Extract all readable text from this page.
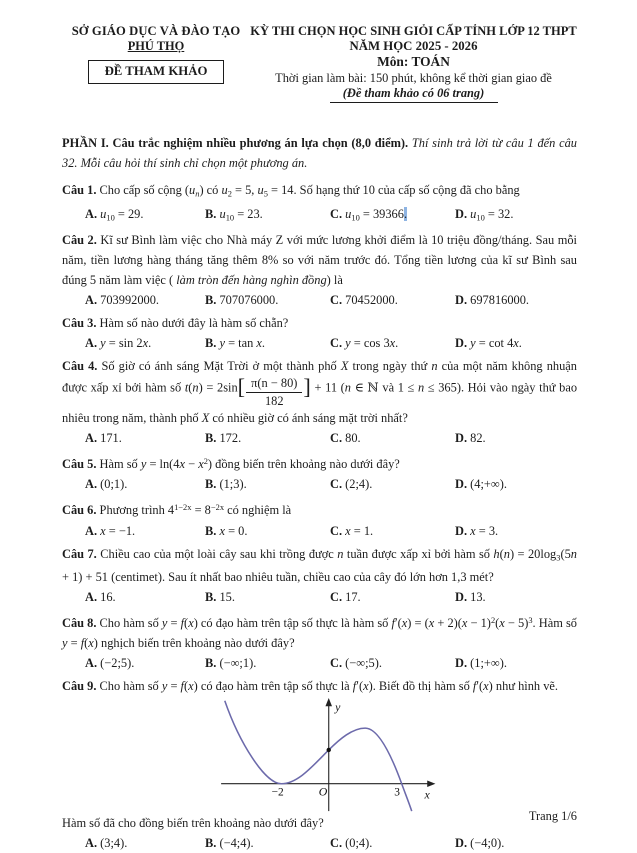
SỞ GIÁO DỤC VÀ ĐÀO TẠO
PHÚ THỌ
ĐỀ THAM KHẢO
KỲ THI CHỌN HỌC SINH GIỎI CẤP TỈNH LỚP 12 THPT
NĂM HỌC 2025 - 2026
Môn: TOÁN
Thời gian làm bài: 150 phút, không kể thời gian giao đề
(Đề tham khảo có 06 trang)

PHẦN I. Câu trắc nghiệm nhiều phương án lựa chọn (8,0 điểm). Thí sinh trả lời từ câu 1 đến câu 32. Mỗi câu hỏi thí sinh chỉ chọn một phương án.

Câu 1. Cho cấp số cộng $(u_n)$ có $u_2 = 5$, $u_5 = 14$. Số hạng thứ 10 của cấp số cộng đã cho bằng

A. $u_{10} = 29$.	B. $u_{10} = 23$.	C. $u_{10} = 39366$.	D. $u_{10} = 32$.

Câu 2. Kĩ sư Bình làm việc cho Nhà máy Z với mức lương khởi điểm là 10 triệu đồng/tháng. Sau mỗi năm, tiền lương hàng tháng tăng thêm 8% so với năm trước đó. Tổng tiền lương của kĩ sư Bình sau đúng 5 năm làm việc ( làm tròn đến hàng nghìn đồng) là

A. 703992000.	B. 707076000.	C. 70452000.	D. 697816000.

Câu 3. Hàm số nào dưới đây là hàm số chẵn?

A. y = sin 2x.	B. y = tan x.	C. y = cos 3x.	D. y = cot 4x.

Câu 4. Số giờ có ánh sáng Mặt Trời ở một thành phố X trong ngày thứ n của một năm không nhuận được xấp xỉ bởi hàm số $t(n) = 2\sin[ \frac{\pi(n - 80)}{182}$ ] + 11 (n ∈ ℕ và 1 ≤ n ≤ 365). Hỏi vào ngày thứ bao nhiêu trong năm, thành phố X có nhiều giờ có ánh sáng mặt trời nhất?

A. 171.	B. 172.	C. 80.	D. 82.

Câu 5. Hàm số $y = \ln(4x - x^2)$ đồng biến trên khoảng nào dưới đây?

A. (0;1).	B. (1;3).	C. (2;4).	D. (4;+∞).

Câu 6. Phương trình $4^{1-2x} = 8^{-2x}$ có nghiệm là

A. x = −1.	B. x = 0.	C. x = 1.	D. x = 3.

Câu 7. Chiều cao của một loài cây sau khi trồng được n tuần được xấp xỉ bởi hàm số $h(n) = 20\log_3(5n + 1) + 51$ (centimet). Sau ít nhất bao nhiêu tuần, chiều cao của cây đó lớn hơn 1,3 mét?

A. 16.	B. 15.	C. 17.	D. 13.

Câu 8. Cho hàm số y = f(x) có đạo hàm trên tập số thực là hàm số $f'(x) = (x + 2)(x - 1)^2(x - 5)^3$. Hàm số y = f(x) nghịch biến trên khoảng nào dưới đây?

A. (−2;5).	B. (−∞;1).	C. (−∞;5).	D. (1;+∞).

Câu 9. Cho hàm số y = f(x) có đạo hàm trên tập số thực là f′(x). Biết đồ thị hàm số f′(x) như hình vẽ.

y
x
O
−2	3

Hàm số đã cho đồng biến trên khoảng nào dưới đây?

A. (3;4).	B. (−4;4).	C. (0;4).	D. (−4;0).
Trang 1/6
